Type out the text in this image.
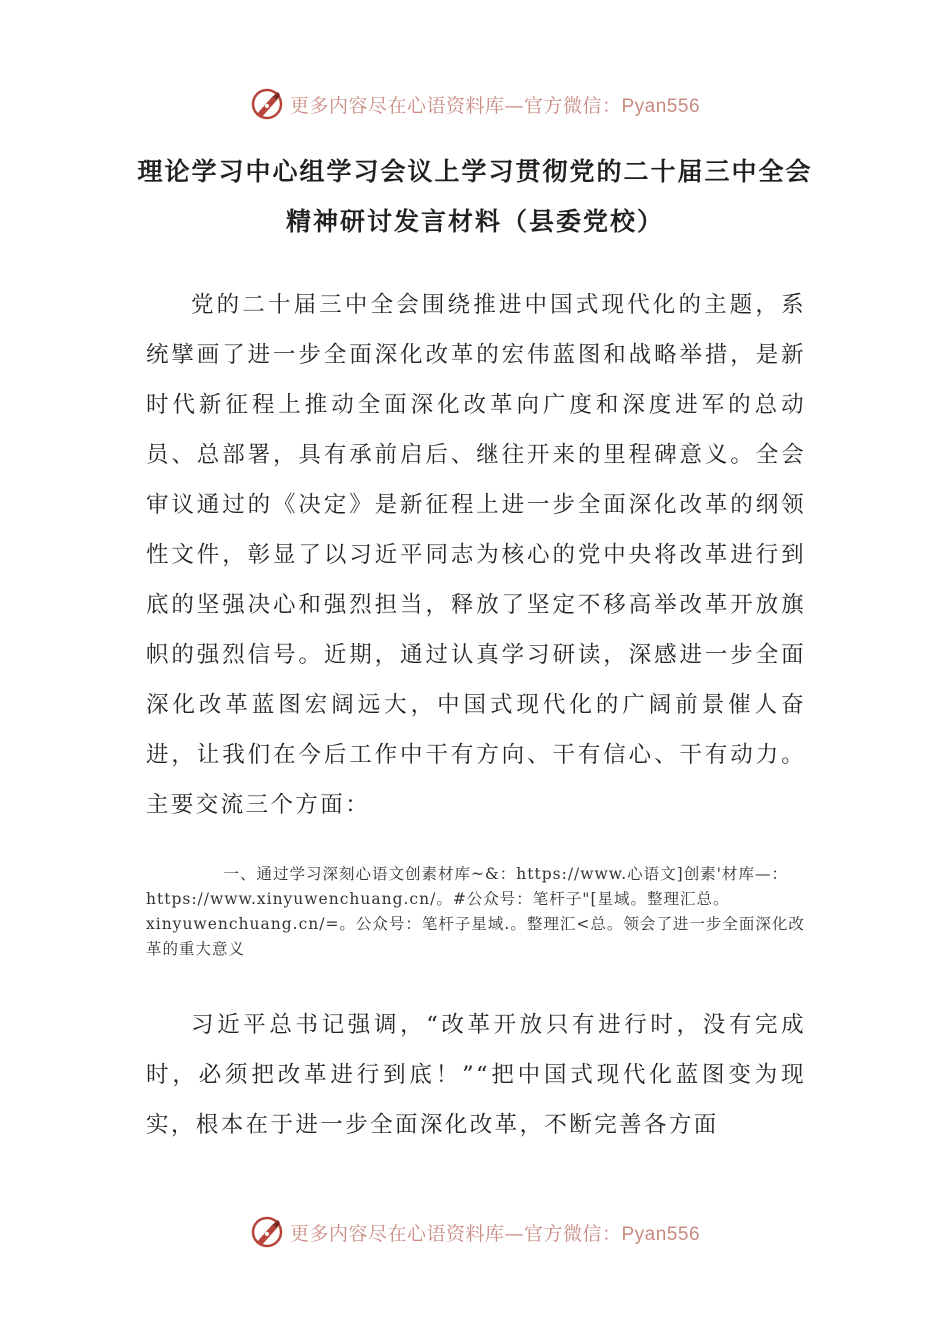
更多内容尽在心语资料库—官方微信：Pyan556
理论学习中心组学习会议上学习贯彻党的二十届三中全会
精神研讨发言材料（县委党校）

党的二十届三中全会围绕推进中国式现代化的主题，系统擘画了进一步全面深化改革的宏伟蓝图和战略举措，是新时代新征程上推动全面深化改革向广度和深度进军的总动员、总部署，具有承前启后、继往开来的里程碑意义。全会审议通过的《决定》是新征程上进一步全面深化改革的纲领性文件，彰显了以习近平同志为核心的党中央将改革进行到底的坚强决心和强烈担当，释放了坚定不移高举改革开放旗帜的强烈信号。近期，通过认真学习研读，深感进一步全面深化改革蓝图宏阔远大，中国式现代化的广阔前景催人奋进，让我们在今后工作中干有方向、干有信心、干有动力。主要交流三个方面：

一、通过学习深刻心语文创素材库~&：https://www.心语文]创素'材库—：https://www.xinyuwenchuang.cn/。#公众号：笔杆子"[星域。整理汇总。xinyuwenchuang.cn/=。公众号：笔杆子星域.。整理汇<总。领会了进一步全面深化改革的重大意义

习近平总书记强调，“改革开放只有进行时，没有完成时，必须把改革进行到底！”“把中国式现代化蓝图变为现实，根本在于进一步全面深化改革，不断完善各方面

更多内容尽在心语资料库—官方微信：Pyan556
